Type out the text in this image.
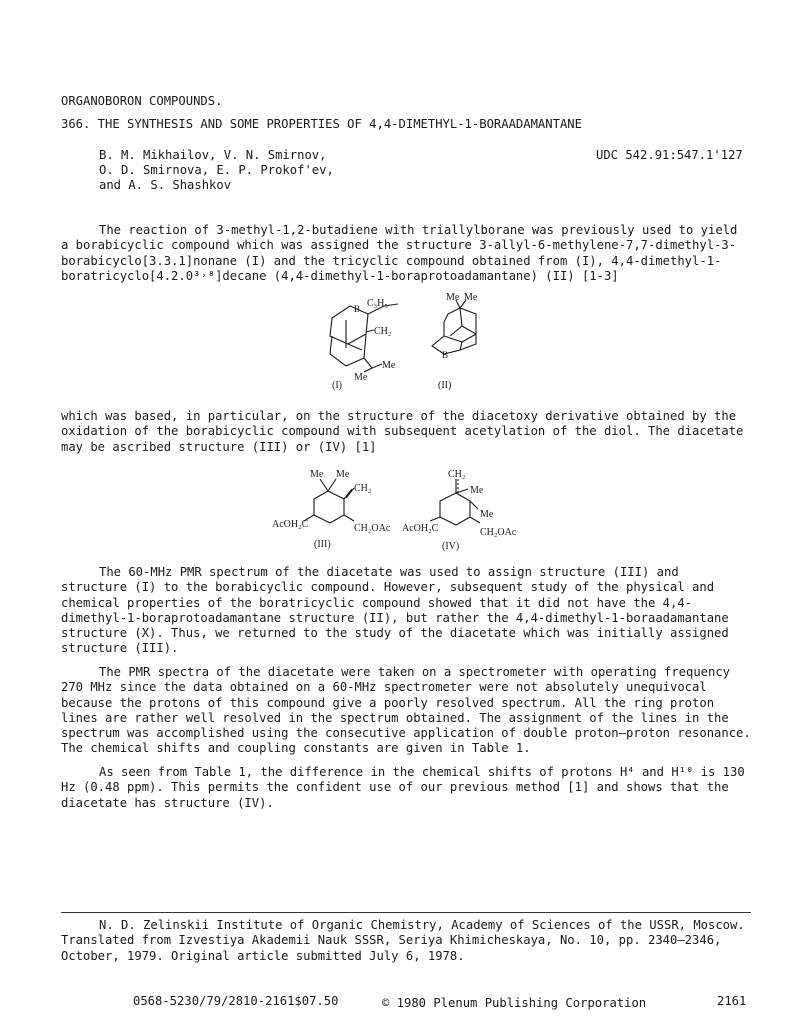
ORGANOBORON COMPOUNDS.
366. THE SYNTHESIS AND SOME PROPERTIES OF 4,4-DIMETHYL-1-BORAADAMANTANE
B. M. Mikhailov, V. N. Smirnov,
O. D. Smirnova, E. P. Prokof'ev,
and A. S. Shashkov
UDC 542.91:547.1'127
The reaction of 3-methyl-1,2-butadiene with triallylborane was previously used to yield a borabicyclic compound which was assigned the structure 3-allyl-6-methylene-7,7-dimethyl-3-borabicyclo[3.3.1]nonane (I) and the tricyclic compound obtained from (I), 4,4-dimethyl-1-boratricyclo[4.2.0³˒⁸]decane (4,4-dimethyl-1-boraprotoadamantane) (II) [1-3]
C₃H₅
B
CH₂
Me
Me
(I)
Me Me
B
(II)
which was based, in particular, on the structure of the diacetoxy derivative obtained by the oxidation of the borabicyclic compound with subsequent acetylation of the diol. The diacetate may be ascribed structure (III) or (IV) [1]
Me Me
CH₂
AcOH₂C	CH₂OAc
(III)
CH₂
Me
Me
AcOH₂C	CH₂OAc
(IV)
The 60-MHz PMR spectrum of the diacetate was used to assign structure (III) and structure (I) to the borabicyclic compound. However, subsequent study of the physical and chemical properties of the boratricyclic compound showed that it did not have the 4,4-dimethyl-1-boraprotoadamantane structure (II), but rather the 4,4-dimethyl-1-boraadamantane structure (X). Thus, we returned to the study of the diacetate which was initially assigned structure (III).
The PMR spectra of the diacetate were taken on a spectrometer with operating frequency 270 MHz since the data obtained on a 60-MHz spectrometer were not absolutely unequivocal because the protons of this compound give a poorly resolved spectrum. All the ring proton lines are rather well resolved in the spectrum obtained. The assignment of the lines in the spectrum was accomplished using the consecutive application of double proton—proton resonance. The chemical shifts and coupling constants are given in Table 1.
As seen from Table 1, the difference in the chemical shifts of protons H⁴ and H¹⁰ is 130 Hz (0.48 ppm). This permits the confident use of our previous method [1] and shows that the diacetate has structure (IV).
N. D. Zelinskii Institute of Organic Chemistry, Academy of Sciences of the USSR, Moscow. Translated from Izvestiya Akademii Nauk SSSR, Seriya Khimicheskaya, No. 10, pp. 2340–2346, October, 1979. Original article submitted July 6, 1978.
0568-5230/79/2810-2161$07.50	© 1980 Plenum Publishing Corporation	2161
